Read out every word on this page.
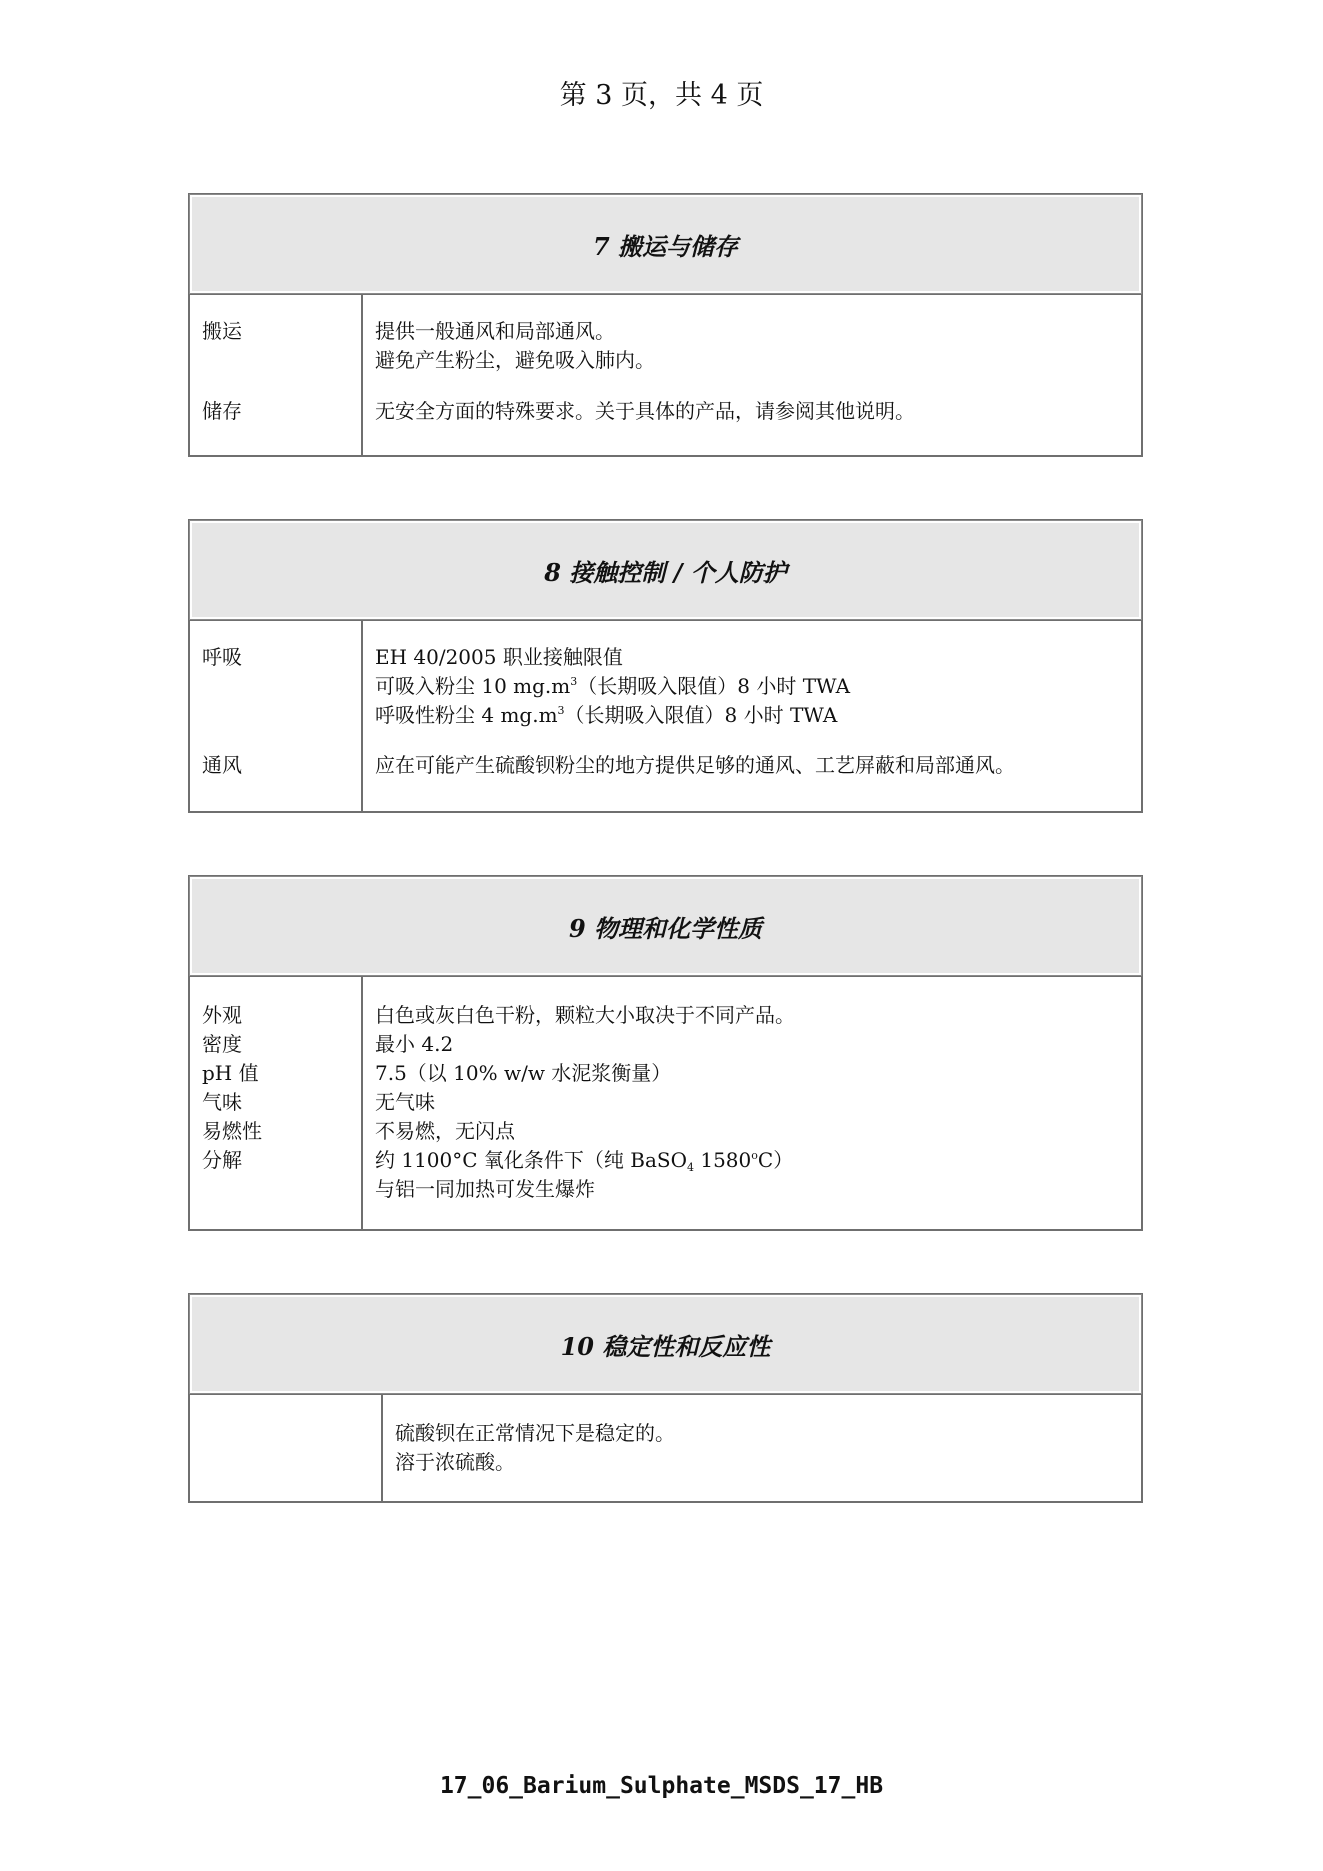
第 3 页，共 4 页
7 搬运与储存
搬运
储存
提供一般通风和局部通风。
避免产生粉尘，避免吸入肺内。
无安全方面的特殊要求。关于具体的产品，请参阅其他说明。
8 接触控制 / 个人防护
呼吸
通风
EH 40/2005 职业接触限值
可吸入粉尘 10 $mg.m^3$（长期吸入限值）8 小时 TWA
呼吸性粉尘 4 $mg.m^3$（长期吸入限值）8 小时 TWA
应在可能产生硫酸钡粉尘的地方提供足够的通风、工艺屏蔽和局部通风。
9 物理和化学性质
外观
密度
pH 值
气味
易燃性
分解
白色或灰白色干粉，颗粒大小取决于不同产品。
最小 4.2
7.5（以 10% w/w 水泥浆衡量）
无气味
不易燃，无闪点
约 1100°C 氧化条件下（纯 BaSO$_4$ 1580$^o$C）
与铝一同加热可发生爆炸
10 稳定性和反应性
硫酸钡在正常情况下是稳定的。
溶于浓硫酸。
17_06_Barium_Sulphate_MSDS_17_HB
